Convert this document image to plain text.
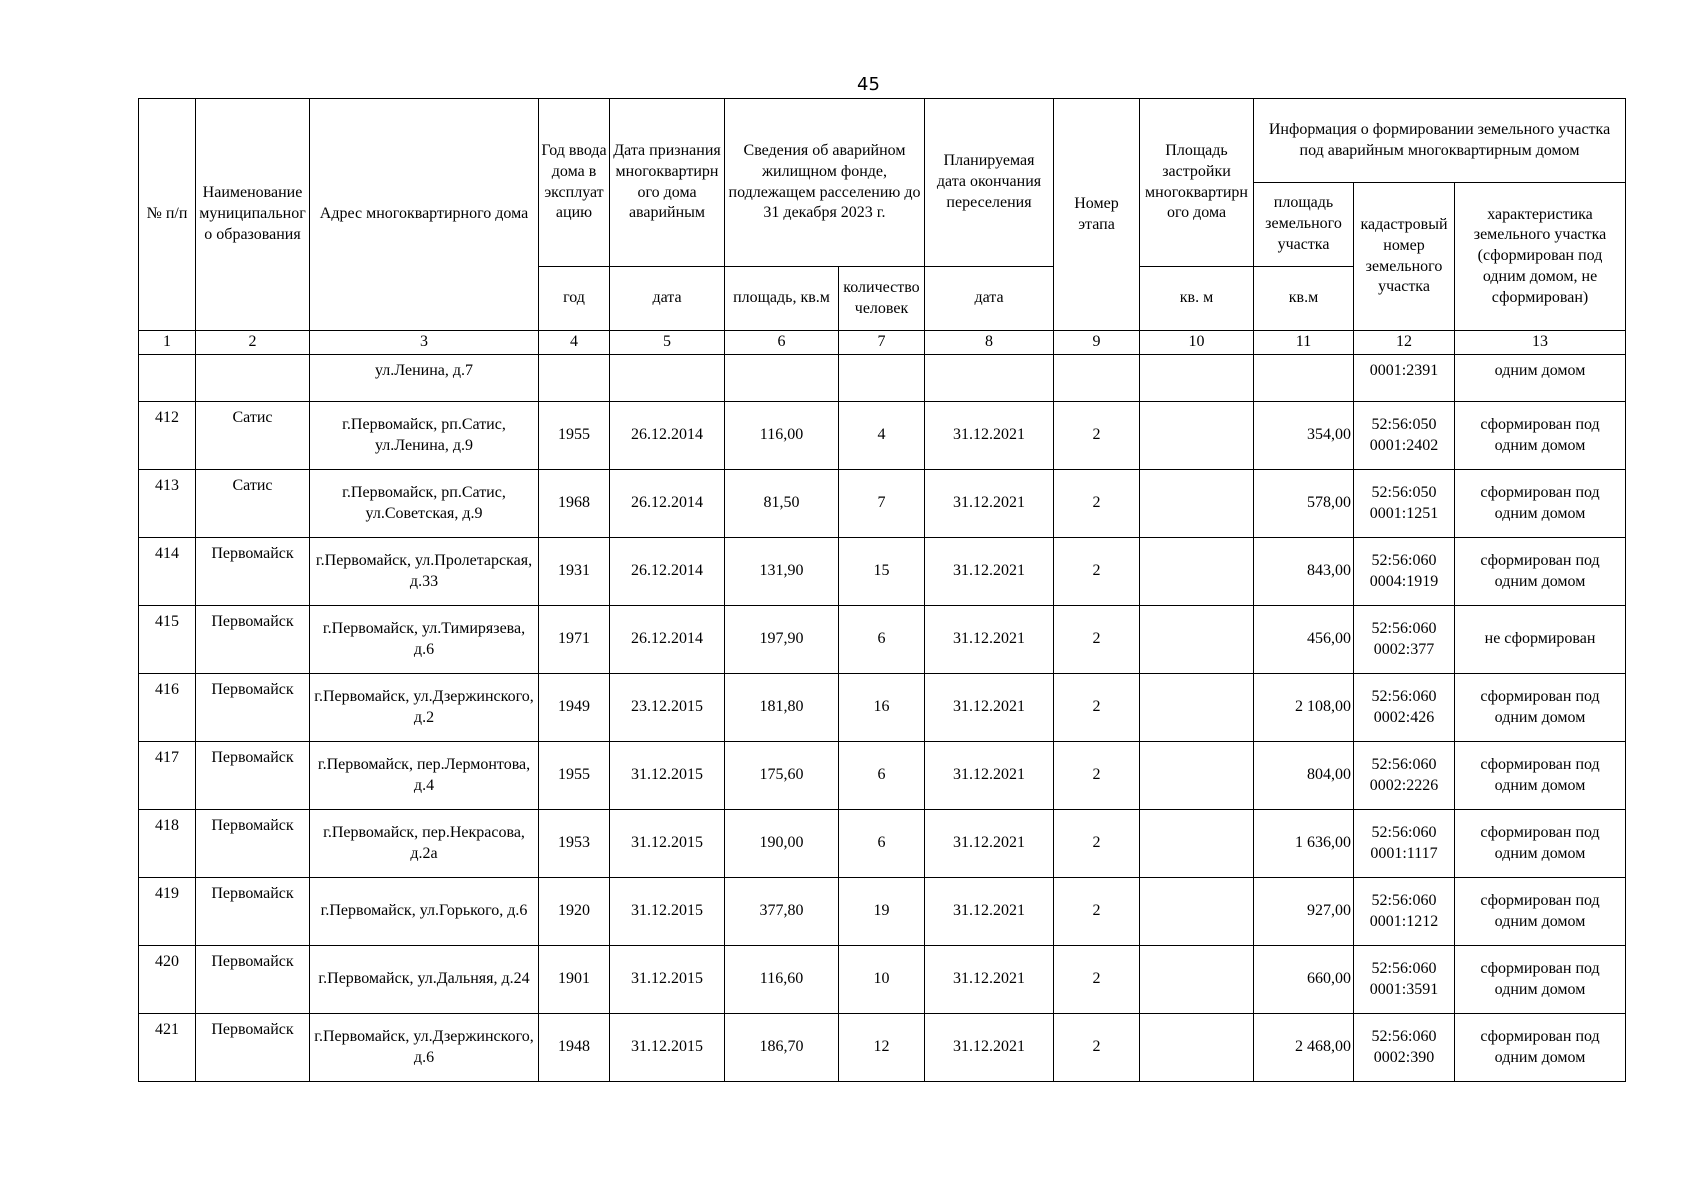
45
№ п/п	Наименование муниципального образования	Адрес многоквартирного дома	Год ввода дома в эксплуатацию	Дата признания многоквартирного дома аварийным	Сведения об аварийном жилищном фонде, подлежащем расселению до 31 декабря 2023 г.		Планируемая дата окончания переселения	Номер этапа	Площадь застройки многоквартирного дома	Информация о формировании земельного участка под аварийным многоквартирным домом		
										площадь земельного участка	кадастровый номер земельного участка	характеристика земельного участка (сформирован под одним домом, не сформирован)
			год	дата	площадь, кв.м	количество человек	дата		кв. м	кв.м		
1	2	3	4	5	6	7	8	9	10	11	12	13
		ул.Ленина, д.7									0001:2391	одним домом
412	Сатис	г.Первомайск, рп.Сатис, ул.Ленина, д.9	1955	26.12.2014	116,00	4	31.12.2021	2		354,00	52:56:050 0001:2402	сформирован под одним домом
413	Сатис	г.Первомайск, рп.Сатис, ул.Советская, д.9	1968	26.12.2014	81,50	7	31.12.2021	2		578,00	52:56:050 0001:1251	сформирован под одним домом
414	Первомайск	г.Первомайск, ул.Пролетарская, д.33	1931	26.12.2014	131,90	15	31.12.2021	2		843,00	52:56:060 0004:1919	сформирован под одним домом
415	Первомайск	г.Первомайск, ул.Тимирязева, д.6	1971	26.12.2014	197,90	6	31.12.2021	2		456,00	52:56:060 0002:377	не сформирован
416	Первомайск	г.Первомайск, ул.Дзержинского, д.2	1949	23.12.2015	181,80	16	31.12.2021	2		2 108,00	52:56:060 0002:426	сформирован под одним домом
417	Первомайск	г.Первомайск, пер.Лермонтова, д.4	1955	31.12.2015	175,60	6	31.12.2021	2		804,00	52:56:060 0002:2226	сформирован под одним домом
418	Первомайск	г.Первомайск, пер.Некрасова, д.2а	1953	31.12.2015	190,00	6	31.12.2021	2		1 636,00	52:56:060 0001:1117	сформирован под одним домом
419	Первомайск	г.Первомайск, ул.Горького, д.6	1920	31.12.2015	377,80	19	31.12.2021	2		927,00	52:56:060 0001:1212	сформирован под одним домом
420	Первомайск	г.Первомайск, ул.Дальняя, д.24	1901	31.12.2015	116,60	10	31.12.2021	2		660,00	52:56:060 0001:3591	сформирован под одним домом
421	Первомайск	г.Первомайск, ул.Дзержинского, д.6	1948	31.12.2015	186,70	12	31.12.2021	2		2 468,00	52:56:060 0002:390	сформирован под одним домом
